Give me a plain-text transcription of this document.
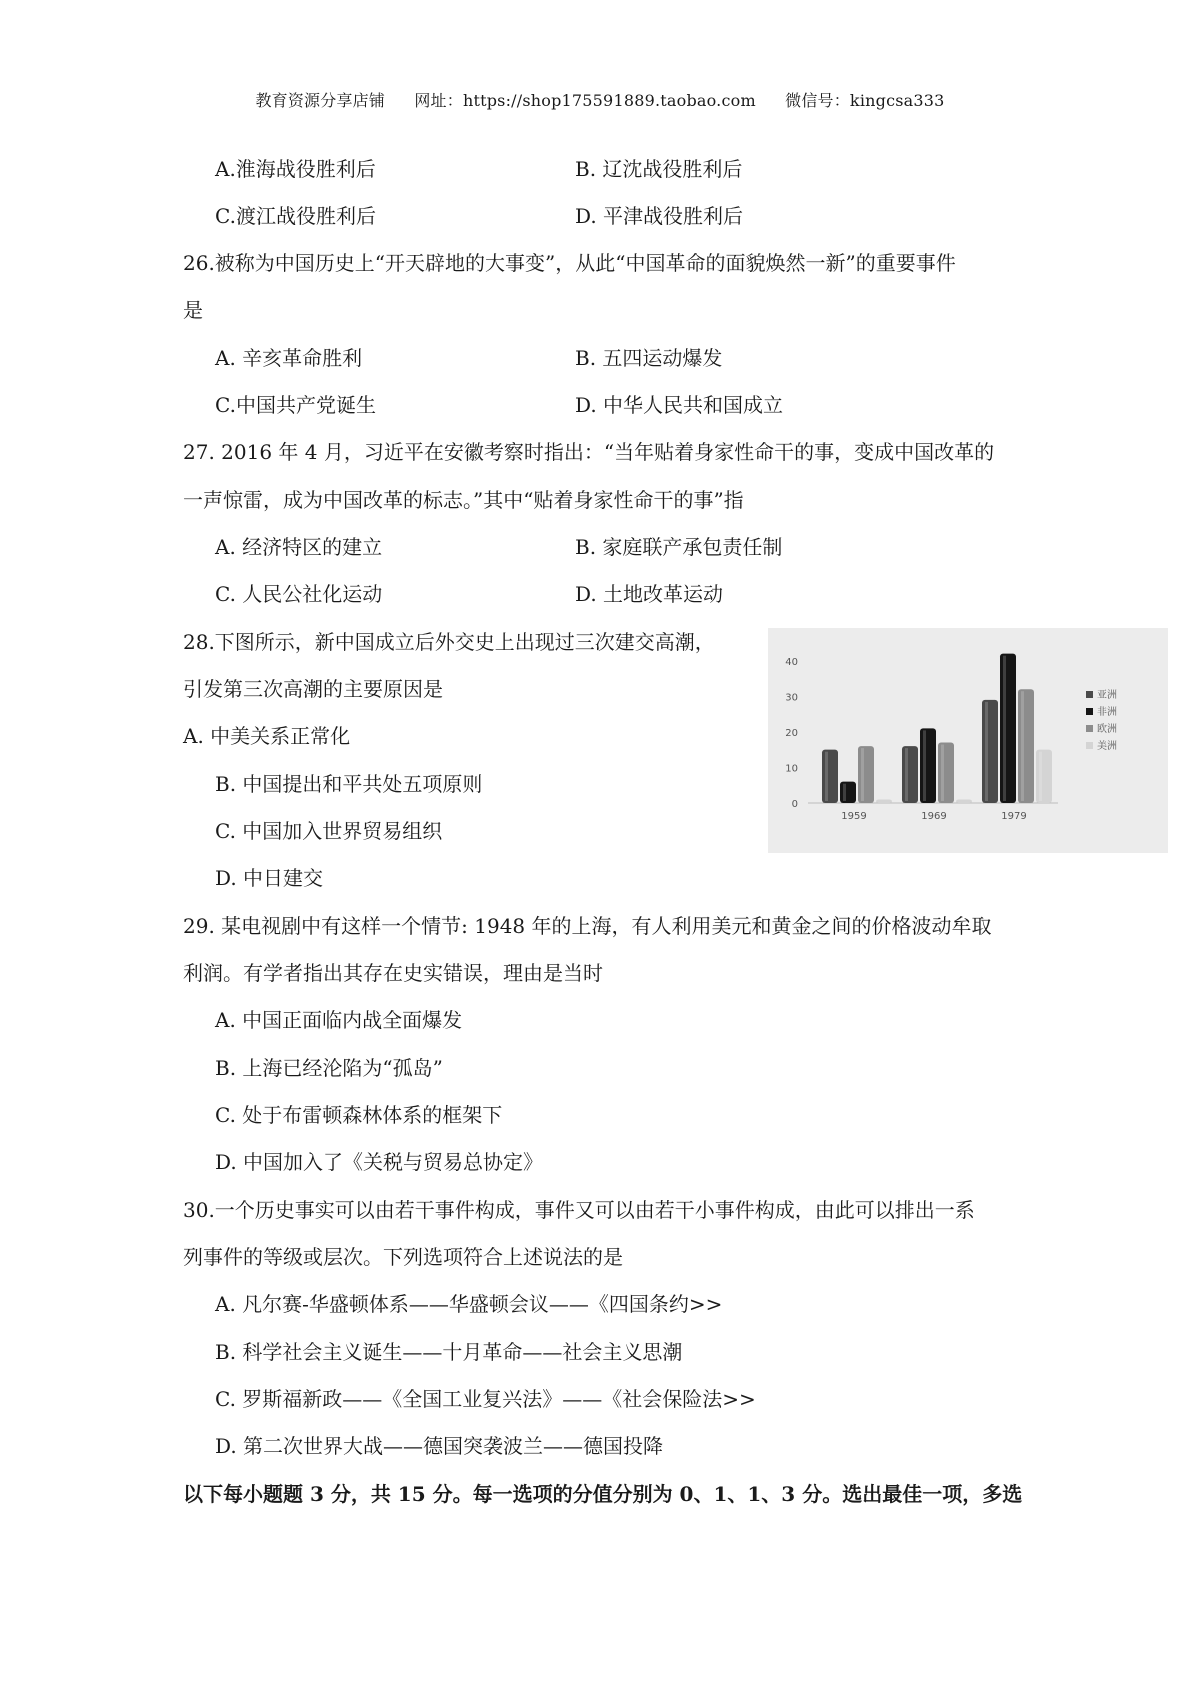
教育资源分享店铺 网址：https://shop175591889.taobao.com 微信号：kingcsa333
A.淮海战役胜利后	B. 辽沈战役胜利后
C.渡江战役胜利后	D. 平津战役胜利后
26.被称为中国历史上“开天辟地的大事变”，从此“中国革命的面貌焕然一新”的重要事件
是
A. 辛亥革命胜利	B. 五四运动爆发
C.中国共产党诞生	D. 中华人民共和国成立
27. 2016 年 4 月，习近平在安徽考察时指出：“当年贴着身家性命干的事，变成中国改革的
一声惊雷，成为中国改革的标志。”其中“贴着身家性命干的事”指
A. 经济特区的建立	B. 家庭联产承包责任制
C. 人民公社化运动	D. 土地改革运动
28.下图所示，新中国成立后外交史上出现过三次建交高潮，
引发第三次高潮的主要原因是
A. 中美关系正常化
B. 中国提出和平共处五项原则
C. 中国加入世界贸易组织
D. 中日建交
0
10
20
30
40
1959	1969	1979
亚洲
非洲
欧洲
美洲
29. 某电视剧中有这样一个情节: 1948 年的上海，有人利用美元和黄金之间的价格波动牟取
利润。有学者指出其存在史实错误，理由是当时
A. 中国正面临内战全面爆发
B. 上海已经沦陷为“孤岛”
C. 处于布雷顿森林体系的框架下
D. 中国加入了《关税与贸易总协定》
30.一个历史事实可以由若干事件构成，事件又可以由若干小事件构成，由此可以排出一系
列事件的等级或层次。下列选项符合上述说法的是
A. 凡尔赛-华盛顿体系——华盛顿会议——《四国条约>>
B. 科学社会主义诞生——十月革命——社会主义思潮
C. 罗斯福新政——《全国工业复兴法》——《社会保险法>>
D. 第二次世界大战——德国突袭波兰——德国投降
以下每小题题 3 分，共 15 分。每一选项的分值分别为 0、1、1、3 分。选出最佳一项，多选
